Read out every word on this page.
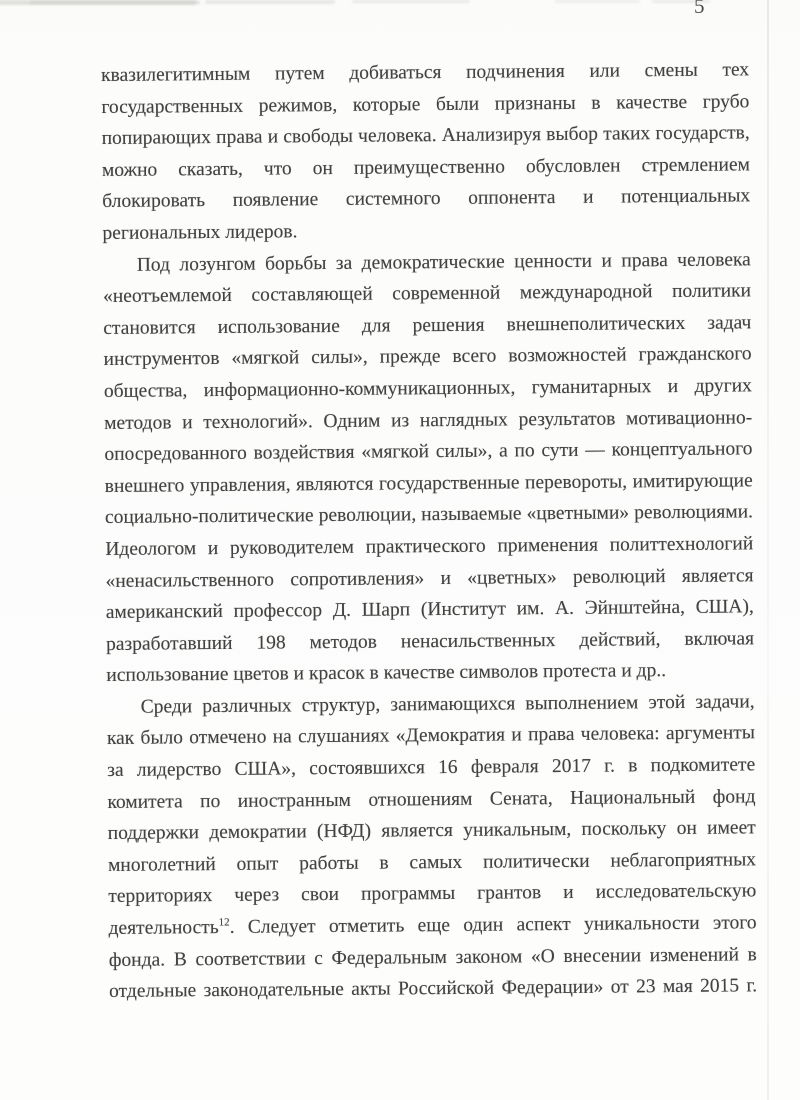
5

квазилегитимным путем добиваться подчинения или смены тех государственных режимов, которые были признаны в качестве грубо попирающих права и свободы человека. Анализируя выбор таких государств, можно сказать, что он преимущественно обусловлен стремлением блокировать появление системного оппонента и потенциальных региональных лидеров.

Под лозунгом борьбы за демократические ценности и права человека «неотъемлемой составляющей современной международной политики становится использование для решения внешнеполитических задач инструментов «мягкой силы», прежде всего возможностей гражданского общества, информационно-коммуникационных, гуманитарных и других методов и технологий». Одним из наглядных результатов мотивационно-опосредованного воздействия «мягкой силы», а по сути — концептуального внешнего управления, являются государственные перевороты, имитирующие социально-политические революции, называемые «цветными» революциями. Идеологом и руководителем практического применения политтехнологий «ненасильственного сопротивления» и «цветных» революций является американский профессор Д. Шарп (Институт им. А. Эйнштейна, США), разработавший 198 методов ненасильственных действий, включая использование цветов и красок в качестве символов протеста и др..

Среди различных структур, занимающихся выполнением этой задачи, как было отмечено на слушаниях «Демократия и права человека: аргументы за лидерство США», состоявшихся 16 февраля 2017 г. в подкомитете комитета по иностранным отношениям Сената, Национальный фонд поддержки демократии (НФД) является уникальным, поскольку он имеет многолетний опыт работы в самых политически неблагоприятных территориях через свои программы грантов и исследовательскую деятельность$^{12}$. Следует отметить еще один аспект уникальности этого фонда. В соответствии с Федеральным законом «О внесении изменений в отдельные законодательные акты Российской Федерации» от 23 мая 2015 г.
